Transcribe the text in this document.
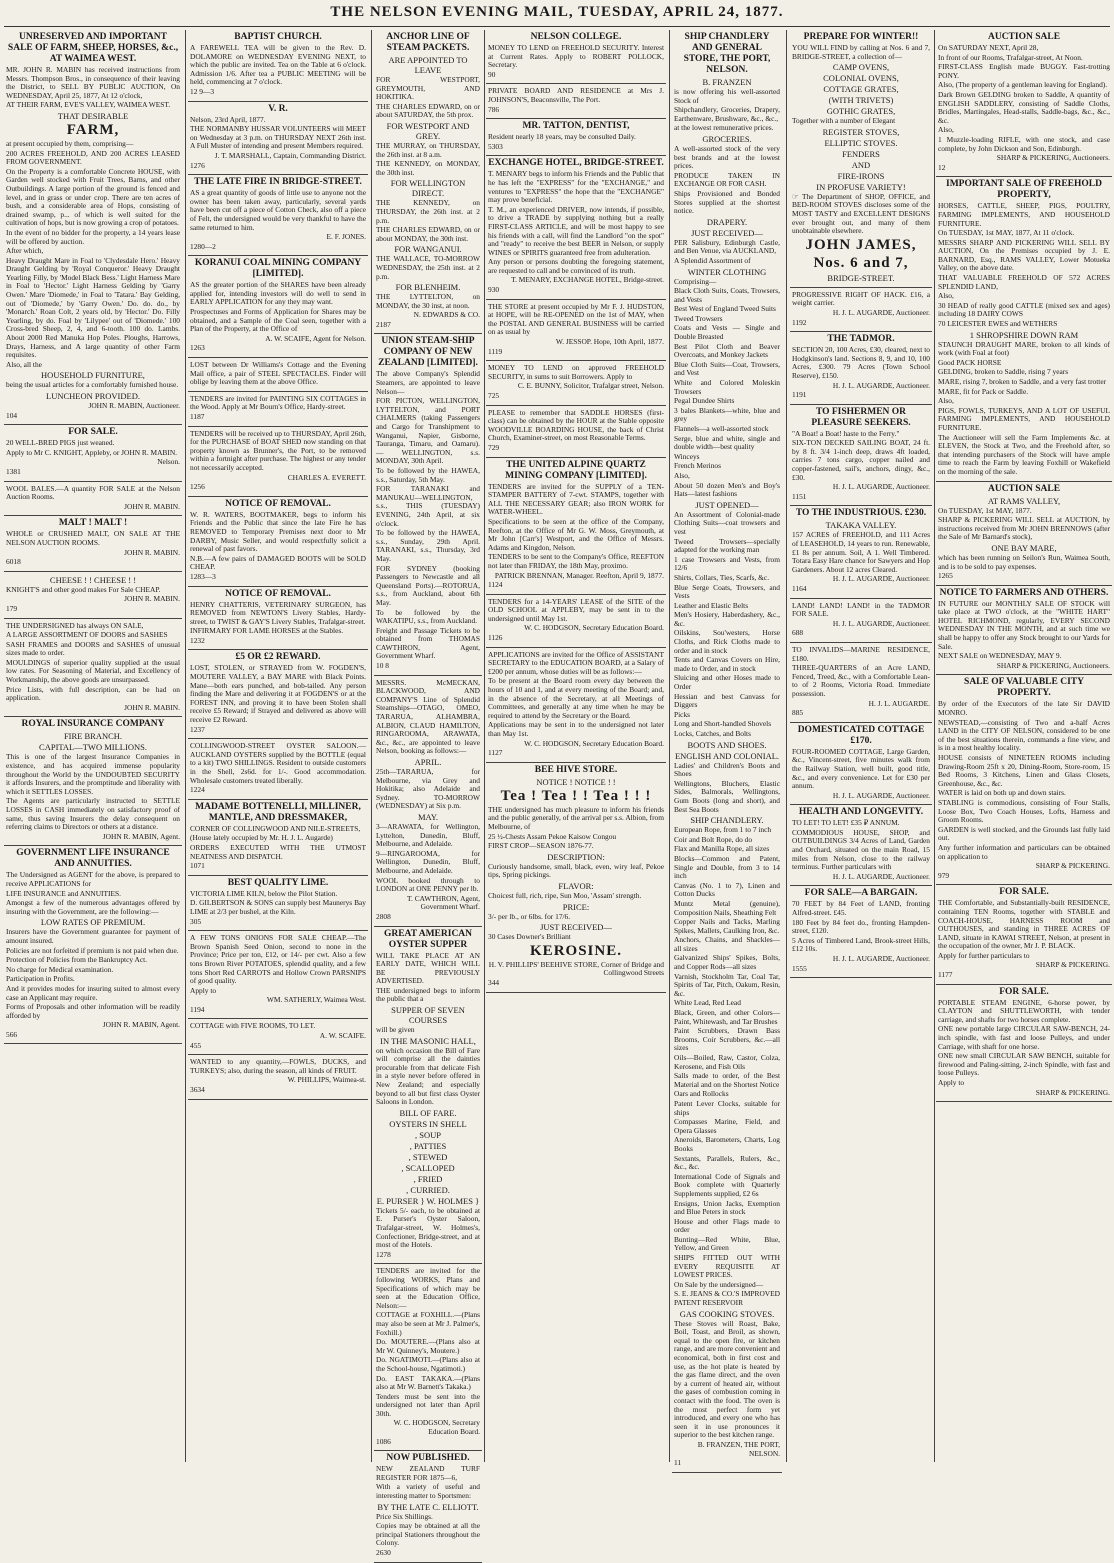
THE NELSON EVENING MAIL, TUESDAY, APRIL 24, 1877.
UNRESERVED AND IMPORTANT SALE OF FARM, SHEEP, HORSES, &c., AT WAIMEA WEST.

MR. JOHN R. MABIN has received instructions from Messrs. Thompson Bros., in consequence of their leaving the District, to SELL BY PUBLIC AUCTION, On WEDNESDAY, April 25, 1877, At 12 o'clock,

AT THEIR FARM, EVE'S VALLEY, WAIMEA WEST.

THAT DESIRABLE

FARM,

at present occupied by them, comprising—

200 ACRES FREEHOLD, AND 200 ACRES LEASED FROM GOVERNMENT.

On the Property is a comfortable Concrete HOUSE, with Garden well stocked with Fruit Trees, Barns, and other Outbuildings. A large portion of the ground is fenced and level, and in grass or under crop. There are ten acres of bush, and a considerable area of Hops, consisting of drained swamp, p... of which is well suited for the cultivation of hops, but is now growing a crop of potatoes.

In the event of no bidder for the property, a 14 years lease will be offered by auction.

After which,

Heavy Draught Mare in Foal to 'Clydesdale Hero.' Heavy Draught Gelding by 'Royal Conqueror.' Heavy Draught Yearling Filly, by 'Model Black Bess.' Light Harness Mare in Foal to 'Hector.' Light Harness Gelding by 'Garry Owen.' Mare 'Diomede,' in Foal to 'Tatara.' Bay Gelding, out of 'Diomede,' by 'Garry Owen.' Do. do. do., by 'Monarch.' Roan Colt, 2 years old, by 'Hector.' Do. Filly Yearling, by do. Foal by 'Lilypee' out of 'Diomede.' 100 Cross-bred Sheep, 2, 4, and 6-tooth. 100 do. Lambs. About 2000 Red Manuka Hop Poles. Ploughs, Harrows, Drays, Harness, and A large quantity of other Farm requisites.

Also, all the

HOUSEHOLD FURNITURE,

being the usual articles for a comfortably furnished house.

LUNCHEON PROVIDED.

JOHN R. MABIN, Auctioneer.

104

FOR SALE.

20 WELL-BRED PIGS just weaned.

Apply to Mr C. KNIGHT, Appleby, or JOHN R. MABIN.

Nelson.

1381

WOOL BALES.—A quantity FOR SALE at the Nelson Auction Rooms.

JOHN R. MABIN.

MALT ! MALT !

WHOLE or CRUSHED MALT, ON SALE AT THE NELSON AUCTION ROOMS.

JOHN R. MABIN.

6018

CHEESE ! ! CHEESE ! !

KNIGHT'S and other good makes For Sale CHEAP.

JOHN R. MABIN.

179

THE UNDERSIGNED has always ON SALE,

A LARGE ASSORTMENT OF DOORS and SASHES

SASH FRAMES and DOORS and SASHES of unusual sizes made to order.

MOULDINGS of superior quality supplied at the usual low rates. For Seasoning of Material, and Excellency of Workmanship, the above goods are unsurpassed.

Price Lists, with full description, can be had on application.

JOHN R. MABIN.

ROYAL INSURANCE COMPANY

FIRE BRANCH.

CAPITAL—TWO MILLIONS.

This is one of the largest Insurance Companies in existence, and has acquired immense popularity throughout the World by the UNDOUBTED SECURITY it affords Insurers, and the promptitude and liberality with which it SETTLES LOSSES.

The Agents are particularly instructed to SETTLE LOSSES in CASH immediately on satisfactory proof of same, thus saving Insurers the delay consequent on referring claims to Directors or others at a distance.

JOHN R. MABIN, Agent.

GOVERNMENT LIFE INSURANCE AND ANNUITIES.

The Undersigned as AGENT for the above, is prepared to receive APPLICATIONS for

LIFE INSURANCE and ANNUITIES.

Amongst a few of the numerous advantages offered by insuring with the Government, are the following:—

LOW RATES OF PREMIUM.

Insurers have the Government guarantee for payment of amount insured.

Policies are not forfeited if premium is not paid when due.

Protection of Policies from the Bankruptcy Act.

No charge for Medical examination.

Participation in Profits.

And it provides modes for insuring suited to almost every case an Applicant may require.

Forms of Proposals and other information will be readily afforded by

JOHN R. MABIN, Agent.

566

BAPTIST CHURCH.

A FAREWELL TEA will be given to the Rev. D. DOLAMORE on WEDNESDAY EVENING NEXT, to which the public are invited. Tea on the Table at 6 o'clock. Admission 1/6. After tea a PUBLIC MEETING will be held, commencing at 7 o'clock.

12 9—3

V. R.

Nelson, 23rd April, 1877.

THE NORMANBY HUSSAR VOLUNTEERS will MEET on Wednesday at 3 p.m. on THURSDAY NEXT 26th inst. A Full Muster of intending and present Members required.

J. T. MARSHALL, Captain, Commanding District.

1276

THE LATE FIRE IN BRIDGE-STREET.

AS a great quantity of goods of little use to anyone not the owner has been taken away, particularly, several yards have been cut off a piece of Cotton Check, also off a piece of Felt, the undersigned would be very thankful to have the same returned to him.

E. F. JONES.

1280—2

KORANUI COAL MINING COMPANY [LIMITED].

AS the greater portion of the SHARES have been already applied for, intending investors will do well to send in EARLY APPLICATION for any they may want.

Prospectuses and Forms of Application for Shares may be obtained, and a Sample of the Coal seen, together with a Plan of the Property, at the Office of

A. W. SCAIFE, Agent for Nelson.

1263

LOST between Dr Williams's Cottage and the Evening Mail office, a pair of STEEL SPECTACLES. Finder will oblige by leaving them at the above Office.

TENDERS are invited for PAINTING SIX COTTAGES in the Wood. Apply at Mr Bourn's Office, Hardy-street.

1187

TENDERS will be received up to THURSDAY, April 26th, for the PURCHASE of BOAT SHED now standing on that property known as Brunner's, the Port, to be removed within a fortnight after purchase. The highest or any tender not necessarily accepted.

CHARLES A. EVERETT.

1256

NOTICE OF REMOVAL.

W. R. WATERS, BOOTMAKER, begs to inform his Friends and the Public that since the late Fire he has REMOVED to Temporary Premises next door to Mr DARBY, Music Seller, and would respectfully solicit a renewal of past favors.

N.B.—A few pairs of DAMAGED BOOTS will be SOLD CHEAP.

1283—3

NOTICE OF REMOVAL.

HENRY CHATTERIS, VETERINARY SURGEON, has REMOVED from NEWTON'S Livery Stables, Hardy-street, to TWIST & GAY'S Livery Stables, Trafalgar-street.

INFIRMARY FOR LAME HORSES at the Stables.

1232

£5 OR £2 REWARD.

LOST, STOLEN, or STRAYED from W. FOGDEN'S, MOUTERE VALLEY, a BAY MARE with Black Points. Mane—both ears punched, and bob-tailed. Any person finding the Mare and delivering it at FOGDEN'S or at the FOREST INN, and proving it to have been Stolen shall receive £5 Reward; if Strayed and delivered as above will receive £2 Reward.

1237

COLLINGWOOD-STREET OYSTER SALOON.—AUCKLAND OYSTERS supplied by the BOTTLE (equal to a kit) TWO SHILLINGS. Resident to outside customers in the Shell, 2s6d. for 1/-. Good accommodation. Wholesale customers treated liberally.

1224

MADAME BOTTENELLI, MILLINER, MANTLE, AND DRESSMAKER,

CORNER OF COLLINGWOOD AND NILE-STREETS,

(House lately occupied by Mr. H. J. L. Augarde)

ORDERS EXECUTED WITH THE UTMOST NEATNESS AND DISPATCH.

1071

BEST QUALITY LIME.

VICTORIA LIME KILN, below the Pilot Station.

D. GILBERTSON & SONS can supply best Maunerys Bay LIME at 2/3 per bushel, at the Kiln.

305

A FEW TONS ONIONS FOR SALE CHEAP.—The Brown Spanish Seed Onion, second to none in the Province; Price per ton, £12, or 14/- per cwt. Also a few tons Brown River POTATOES, splendid quality, and a few tons Short Red CARROTS and Hollow Crown PARSNIPS of good quality.

Apply to

WM. SATHERLY, Waimea West.

1194

COTTAGE with FIVE ROOMS, TO LET.

A. W. SCAIFE.

455

WANTED to any quantity,—FOWLS, DUCKS, and TURKEYS; also, during the season, all kinds of FRUIT.

W. PHILLIPS, Waimea-st.

3634

ANCHOR LINE OF STEAM PACKETS.

ARE APPOINTED TO LEAVE

FOR WESTPORT, GREYMOUTH, AND HOKITIKA.

THE CHARLES EDWARD, on or about SATURDAY, the 5th prox.

FOR WESTPORT AND GREY.

THE MURRAY, on THURSDAY, the 26th inst. at 8 a.m.

THE KENNEDY, on MONDAY, the 30th inst.

FOR WELLINGTON DIRECT.

THE KENNEDY, on THURSDAY, the 26th inst. at 2 p.m.

THE CHARLES EDWARD, on or about MONDAY, the 30th inst.

FOR WANGANUI.

THE WALLACE, TO-MORROW WEDNESDAY, the 25th inst. at 2 p.m.

FOR BLENHEIM.

THE LYTTELTON, on MONDAY, the 30 inst, at noon.

N. EDWARDS & CO.

2187

UNION STEAM-SHIP COMPANY OF NEW ZEALAND [LIMITED].

The above Company's Splendid Steamers, are appointed to leave Nelson—

FOR PICTON, WELLINGTON, LYTTELTON, and PORT CHALMERS (taking Passengers and Cargo for Transhipment to Wanganui, Napier, Gisborne, Tauranga, Timaru, and Oamaru).— WELLINGTON, s.s. MONDAY, 30th April.

To be followed by the HAWEA, s.s., Saturday, 5th May.

FOR TARANAKI and MANUKAU—WELLINGTON, s.s., THIS (TUESDAY) EVENING, 24th April, at six o'clock.

To be followed by the HAWEA, s.s., Sunday, 29th April. TARANAKI, s.s., Thursday, 3rd May.

FOR SYDNEY (booking Passengers to Newcastle and all Queensland Ports).—ROTORUA, s.s., from Auckland, about 6th May.

To be followed by the WAKATIPU, s.s., from Auckland.

Freight and Passage Tickets to be obtained from THOMAS CAWTHRON, Agent, Government Wharf.

10 8

MESSRS. McMECKAN, BLACKWOOD, AND COMPANY'S Line of Splendid Steamships—OTAGO, OMEO, TARARUA, ALHAMBRA, ALBION, CLAUD HAMILTON, RINGAROOMA, ARAWATA, &c., &c., are appointed to leave Nelson, booking as follows:—

APRIL.

25th—TARARUA, for Melbourne, via Grey and Hokitika; also Adelaide and Sydney. TO-MORROW (WEDNESDAY) at Six p.m.

MAY.

3—ARAWATA, for Wellington, Lyttelton, Dunedin, Bluff, Melbourne, and Adelaide.

9—RINGAROOMA, for Wellington, Dunedin, Bluff, Melbourne, and Adelaide.

WOOL booked through to LONDON at ONE PENNY per lb.

T. CAWTHRON, Agent, Government Wharf.

2808

GREAT AMERICAN OYSTER SUPPER

WILL TAKE PLACE AT AN EARLY DATE, WHICH WILL BE PREVIOUSLY ADVERTISED.

THE undersigned begs to inform the public that a

SUPPER OF SEVEN COURSES

will be given

IN THE MASONIC HALL,

on which occasion the Bill of Fare will comprise all the dainties procurable from that delicate Fish in a style never before offered in New Zealand; and especially beyond to all but first class Oyster Saloons in London.

BILL OF FARE.

OYSTERS IN SHELL

, SOUP

, PATTIES

, STEWED

, SCALLOPED

, FRIED

, CURRIED.

E. PURSER } W. HOLMES }

Tickets 5/- each, to be obtained at E. Purser's Oyster Saloon, Trafalgar-street, W. Holmes's, Confectioner, Bridge-street, and at most of the Hotels.

1278

TENDERS are invited for the following WORKS, Plans and Specifications of which may be seen at the Education Office, Nelson:—

COTTAGE at FOXHILL.—(Plans may also be seen at Mr J. Palmer's, Foxhill.)

Do. MOUTERE.—(Plans also at Mr W. Quinney's, Moutere.)

Do. NGATIMOTI.—(Plans also at the School-house, Ngatimoti.)

Do. EAST TAKAKA.—(Plans also at Mr W. Barnett's Takaka.)

Tenders must be sent into the undersigned not later than April 30th.

W. C. HODGSON, Secretary Education Board.

1086

NOW PUBLISHED.

NEW ZEALAND TURF REGISTER FOR 1875—6,

With a variety of useful and interesting matter to Sportsmen:

BY THE LATE C. ELLIOTT.

Price Six Shillings.

Copies may be obtained at all the principal Stationers throughout the Colony.

2630

NELSON COLLEGE.

MONEY TO LEND on FREEHOLD SECURITY. Interest at Current Rates. Apply to ROBERT POLLOCK, Secretary.

90

PRIVATE BOARD AND RESIDENCE at Mrs J. JOHNSON'S, Beaconsville, The Port.

786

MR. TATTON, DENTIST,

Resident nearly 18 years, may be consulted Daily.

5303

EXCHANGE HOTEL, BRIDGE-STREET.

T. MENARY begs to inform his Friends and the Public that he has left the "EXPRESS" for the "EXCHANGE," and ventures to "EXPRESS" the hope that the "EXCHANGE" may prove beneficial.

T. M., an experienced DRIVER, now intends, if possible, to drive a TRADE by supplying nothing but a really FIRST-CLASS ARTICLE, and will be most happy to see his friends with a call, will find the Landlord "on the spot" and "ready" to receive the best BEER in Nelson, or supply WINES or SPIRITS guaranteed free from adulteration.

Any person or persons doubting the foregoing statement, are requested to call and be convinced of its truth.

T. MENARY, EXCHANGE HOTEL, Bridge-street.

930

THE STORE at present occupied by Mr F. J. HUDSTON, at HOPE, will be RE-OPENED on the 1st of MAY, when the POSTAL AND GENERAL BUSINESS will be carried on as usual by

W. JESSOP. Hope, 10th April, 1877.

1119

MONEY TO LEND on approved FREEHOLD SECURITY, in sums to suit Borrowers. Apply to

C. E. BUNNY, Solicitor, Trafalgar street, Nelson.

725

PLEASE to remember that SADDLE HORSES (first-class) can be obtained by the HOUR at the Stable opposite WOODVILLE BOARDING HOUSE, the back of Christ Church, Examiner-street, on most Reasonable Terms.

729

THE UNITED ALPINE QUARTZ MINING COMPANY [LIMITED].

TENDERS are invited for the SUPPLY of a TEN-STAMPER BATTERY of 7-cwt. STAMPS, together with ALL THE NECESSARY GEAR; also IRON WORK for WATER-WHEEL.

Specifications to be seen at the office of the Company, Reefton, at the Office of Mr G. W. Moss, Greymouth, at Mr John [Carr's] Westport, and the Office of Messrs. Adams and Kingdon, Nelson.

TENDERS to be sent to the Company's Office, REEFTON not later than FRIDAY, the 18th May, proximo.

PATRICK BRENNAN, Manager. Reefton, April 9, 1877.

1124

TENDERS for a 14-YEARS' LEASE of the SITE of the OLD SCHOOL at APPLEBY, may be sent in to the undersigned until May 1st.

W. C. HODGSON, Secretary Education Board.

1126

APPLICATIONS are invited for the Office of ASSISTANT SECRETARY to the EDUCATION BOARD, at a Salary of £200 per annum, whose duties will be as follows:—

To be present at the Board room every day between the hours of 10 and 1, and at every meeting of the Board; and, in the absence of the Secretary, at all Meetings of Committees, and generally at any time when he may be required to attend by the Secretary or the Board.

Applications may be sent in to the undersigned not later than May 1st.

W. C. HODGSON, Secretary Education Board.

1127

BEE HIVE STORE.

NOTICE ! NOTICE ! !

Tea ! Tea ! ! Tea ! ! !

THE undersigned has much pleasure to inform his friends and the public generally, of the arrival per s.s. Albion, from Melbourne, of

25 ½-Chests Assam Pekoe Kaisow Congou

FIRST CROP—SEASON 1876-77.

DESCRIPTION:

Curiously handsome, small, black, even, wiry leaf, Pekoe tips, Spring pickings.

FLAVOR:

Choicest full, rich, ripe, Sun Moo, 'Assam' strength.

PRICE:

3/- per lb., or 6lbs. for 17/6.

JUST RECEIVED—

30 Cases Downer's Brilliant

KEROSINE.

H. V. PHILLIPS' BEEHIVE STORE, Corner of Bridge and Collingwood Streets

344

SHIP CHANDLERY AND GENERAL STORE, THE PORT, NELSON.

B. FRANZEN

is now offering his well-assorted Stock of

Shipchandlery, Groceries, Drapery, Earthenware, Brushware, &c., &c.,

at the lowest remunerative prices.

GROCERIES.

A well-assorted stock of the very best brands and at the lowest prices.

PRODUCE TAKEN IN EXCHANGE OR FOR CASH.

Ships Provisioned and Bonded Stores supplied at the shortest notice.

DRAPERY.

JUST RECEIVED—

PER Salisbury, Edinburgh Castle, and Ben Venue, via AUCKLAND,

A Splendid Assortment of

WINTER CLOTHING

Comprising—

Black Cloth Suits, Coats, Trowsers, and Vests

Best West of England Tweed Suits

Tweed Trowsers

Coats and Vests — Single and Double Breasted

Best Pilot Cloth and Beaver Overcoats, and Monkey Jackets

Blue Cloth Suits—Coat, Trowsers, and Vest

White and Colored Moleskin Trowsers

Pegal Dundee Shirts

3 bales Blankets—white, blue and grey

Flannels—a well-assorted stock

Serge, blue and white, single and double width—best quality

Winceys

French Merinos

Also,

About 50 dozen Men's and Boy's Hats—latest fashions

JUST OPENED—

An Assortment of Colonial-made Clothing Suits—coat trowsers and vest

Tweed Trowsers—specially adapted for the working man

1 case Trowsers and Vests, from 12/6

Shirts, Collars, Ties, Scarfs, &c.

Blue Serge Coats, Trowsers, and Vests

Leather and Elastic Belts

Men's Hosiery, Haberdashery, &c., &c.

Oilskins, Sou'westers, Horse Cloths, and Rick Cloths made to order and in stock

Tents and Canvas Covers on Hire, made to Order, and in stock

Sluicing and other Hoses made to Order

Hessian and best Canvass for Diggers

Picks

Long and Short-handled Shovels

Locks, Catches, and Bolts

BOOTS AND SHOES.

ENGLISH AND COLONIAL.

Ladies' and Children's Boots and Shoes

Wellingtons, Bluchers, Elastic Sides, Balmorals, Wellingtons, Gum Boots (long and short), and Best Sea Boots

SHIP CHANDLERY.

European Rope, from 1 to 7 inch

Coir and Bolt Rope, do do

Flax and Manilla Rope, all sizes

Blocks—Common and Patent, Single and Double, from 3 to 14 inch

Canvas (No. 1 to 7), Linen and Cotton Ducks

Muntz Metal (genuine), Composition Nails, Sheathing Felt

Copper Nails and Tacks, Marling Spikes, Mallets, Caulking Iron, &c.

Anchors, Chains, and Shackles—all sizes

Galvanized Ships' Spikes, Bolts, and Copper Rods—all sizes

Varnish, Stockholm Tar, Coal Tar, Spirits of Tar, Pitch, Oakum, Resin, &c.

White Lead, Red Lead

Black, Green, and other Colors—Paint, Whitewash, and Tar Brushes

Paint Scrubbers, Drawn Bass Brooms, Coir Scrubbers, &c.—all sizes

Oils—Boiled, Raw, Castor, Colza, Kerosene, and Fish Oils

Salls made to order, of the Best Material and on the Shortest Notice

Oars and Rollocks

Patent Lever Clocks, suitable for ships

Compasses Marine, Field, and Opera Glasses

Aneroids, Barometers, Charts, Log Books

Sextants, Parallels, Rulers, &c., &c., &c.

International Code of Signals and Book complete with Quarterly Supplements supplied, £2 6s

Ensigns, Union Jacks, Exemption and Blue Peters in stock

House and other Flags made to order

Bunting—Red White, Blue, Yellow, and Green

SHIPS FITTED OUT WITH EVERY REQUISITE AT LOWEST PRICES.

On Sale by the undersigned—

S. E. JEANS & CO.'S IMPROVED PATENT RESERVOIR

GAS COOKING STOVES.

These Stoves will Roast, Bake, Boil, Toast, and Broil, as shown, equal to the open fire, or kitchen range, and are more convenient and economical, both in first cost and use, as the hot plate is heated by the gas flame direct, and the oven by a current of heated air, without the gases of combustion coming in contact with the food. The oven is the most perfect form yet introduced, and every one who has seen it in use pronounces it superior to the best kitchen range.

B. FRANZEN, THE PORT, NELSON.

11

PREPARE FOR WINTER!!

YOU WILL FIND by calling at Nos. 6 and 7, BRIDGE-STREET, a collection of—

CAMP OVENS,

COLONIAL OVENS,

COTTAGE GRATES,

(WITH TRIVETS)

GOTHIC GRATES,

Together with a number of Elegant

REGISTER STOVES,

ELLIPTIC STOVES.

FENDERS

AND

FIRE-IRONS

IN PROFUSE VARIETY!

☞ The Department of SHOP, OFFICE, and BED-ROOM STOVES discloses some of the MOST TASTY and EXCELLENT DESIGNS ever brought out, and many of them unobtainable elsewhere.

JOHN JAMES,

Nos. 6 and 7,

BRIDGE-STREET.

PROGRESSIVE RIGHT OF HACK. £16, a weight carrier.

H. J. L. AUGARDE, Auctioneer.

1192

THE TADMOR.

SECTION 20, 100 Acres, £30, cleared, next to Hodgkinson's land. Sections 8, 9, and 10, 100 Acres, £300. 79 Acres (Town School Reserve), £150.

H. J. L. AUGARDE, Auctioneer.

1191

TO FISHERMEN OR PLEASURE SEEKERS.

"A Boat! a Boat! haste to the Ferry."

SIX-TON DECKED SAILING BOAT, 24 ft. by 8 ft. 3/4 1-inch deep, draws 4ft loaded, carries 7 tons cargo, copper nailed and copper-fastened, sail's, anchors, dingy, &c., £30.

H. J. L. AUGARDE, Auctioneer.

1151

TO THE INDUSTRIOUS. £230.

TAKAKA VALLEY.

157 ACRES of FREEHOLD, and 111 Acres of LEASEHOLD, 14 years to run. Renewable, £1 8s per annum. Soil, A 1. Well Timbered. Totara Easy Hare chance for Sawyers and Hop Gardeners. About 12 acres Cleared.

H. J. L. AUGARDE, Auctioneer.

1164

LAND! LAND! LAND! in the TADMOR FOR SALE.

H. J. L. AUGARDE, Auctioneer.

688

TO INVALIDS—MARINE RESIDENCE, £180.

THREE-QUARTERS of an Acre LAND, Fenced, Treed, &c., with a Comfortable Lean-to of 2 Rooms, Victoria Road. Immediate possession.

H. J. L. AUGARDE.

885

DOMESTICATED COTTAGE £170.

FOUR-ROOMED COTTAGE, Large Garden, &c., Vincent-street, five minutes walk from the Railway Station, well built, good title, &c., and every convenience. Let for £30 per annum.

H. J. L. AUGARDE, Auctioneer.

HEALTH AND LONGEVITY.

TO LET! TO LET! £35 ₽ ANNUM.

COMMODIOUS HOUSE, SHOP, and OUTBUILDINGS 3/4 Acres of Land, Garden and Orchard, situated on the main Road, 15 miles from Nelson, close to the railway terminus. Further particulars with

H. J. L. AUGARDE, Auctioneer.

FOR SALE—A BARGAIN.

70 FEET by 84 Feet of LAND, fronting Alfred-street. £45.

180 Feet by 84 feet do., fronting Hampden-street, £120.

5 Acres of Timbered Land, Brook-street Hills, £12 10s.

H. J. L. AUGARDE, Auctioneer.

1555

AUCTION SALE

On SATURDAY NEXT, April 28,

In front of our Rooms, Trafalgar-street, At Noon.

FIRST-CLASS English made BUGGY. Fast-trotting PONY.

Also, (The property of a gentleman leaving for England).

Dark Brown GELDING broken to Saddle, A quantity of ENGLISH SADDLERY, consisting of Saddle Cloths, Bridles, Martingales, Head-stalls, Saddle-bags, &c., &c., &c.

Also,

1 Muzzle-loading RIFLE, with one stock, and case complete, by John Dickson and Son, Edinburgh.

SHARP & PICKERING, Auctioneers.

12

IMPORTANT SALE OF FREEHOLD PROPERTY,

HORSES, CATTLE, SHEEP, PIGS, POULTRY, FARMING IMPLEMENTS, AND HOUSEHOLD FURNITURE.

On TUESDAY, 1st MAY, 1877, At 11 o'clock.

MESSRS SHARP AND PICKERING WILL SELL BY AUCTION, On the Premises occupied by J. E. BARNARD, Esq., RAMS VALLEY, Lower Motueka Valley, on the above date.

THAT VALUABLE FREEHOLD OF 572 ACRES SPLENDID LAND,

Also,

30 HEAD of really good CATTLE (mixed sex and ages) including 18 DAIRY COWS

70 LEICESTER EWES and WETHERS

1 SHROPSHIRE DOWN RAM

STAUNCH DRAUGHT MARE, broken to all kinds of work (with Foal at foot)

Good PACK HORSE

GELDING, broken to Saddle, rising 7 years

MARE, rising 7, broken to Saddle, and a very fast trotter

MARE, fit for Pack or Saddle.

Also,

PIGS, FOWLS, TURKEYS, AND A LOT OF USEFUL FARMING IMPLEMENTS, AND HOUSEHOLD FURNITURE.

The Auctioneer will sell the Farm Implements &c. at ELEVEN, the Stock at Two, and the Freehold after, so that intending purchasers of the Stock will have ample time to reach the Farm by leaving Foxhill or Wakefield on the morning of the sale.

AUCTION SALE

AT RAMS VALLEY,

On TUESDAY, 1st MAY, 1877.

SHARP & PICKERING WILL SELL at AUCTION, by instructions received from Mr JOHN BRENNOWS (after the Sale of Mr Barnard's stock),

ONE BAY MARE,

which has been running on Seilon's Run, Waimea South, and is to be sold to pay expenses.

1265

NOTICE TO FARMERS AND OTHERS.

IN FUTURE our MONTHLY SALE OF STOCK will take place at TWO o'clock, at the "WHITE HART" HOTEL RICHMOND, regularly, EVERY SECOND WEDNESDAY IN THE MONTH, and at such time we shall be happy to offer any Stock brought to our Yards for Sale.

NEXT SALE on WEDNESDAY, MAY 9.

SHARP & PICKERING, Auctioneers.

SALE OF VALUABLE CITY PROPERTY.

By order of the Executors of the late Sir DAVID MONRO.

NEWSTEAD,—consisting of Two and a-half Acres LAND in the CITY OF NELSON, considered to be one of the best situations therein, commands a fine view, and is in a most healthy locality.

HOUSE consists of NINETEEN ROOMS including Drawing-Room 25ft x 20, Dining-Room, Store-room, 15 Bed Rooms, 3 Kitchens, Linen and Glass Closets, Greenhouse, &c., &c.

WATER is laid on both up and down stairs.

STABLING is commodious, consisting of Four Stalls, Loose Box, Two Coach Houses, Lofts, Harness and Groom Rooms.

GARDEN is well stocked, and the Grounds last fully laid out.

Any further information and particulars can be obtained on application to

SHARP & PICKERING.

979

FOR SALE.

THE Comfortable, and Substantially-built RESIDENCE, containing TEN Rooms, together with STABLE and COACH-HOUSE, HARNESS ROOM and OUTHOUSES, and standing in THREE ACRES OF LAND, situate in KAWAI STREET, Nelson, at present in the occupation of the owner, Mr J. P. BLACK.

Apply for further particulars to

SHARP & PICKERING.

1177

FOR SALE.

PORTABLE STEAM ENGINE, 6-horse power, by CLAYTON and SHUTTLEWORTH, with tender carriage, and shafts for two horses complete.

ONE new portable large CIRCULAR SAW-BENCH, 24-inch spindle, with fast and loose Pulleys, and under Carriage, with shaft for one horse.

ONE new small CIRCULAR SAW BENCH, suitable for firewood and Paling-sitting, 2-inch Spindle, with fast and loose Pulleys.

Apply to

SHARP & PICKERING.
